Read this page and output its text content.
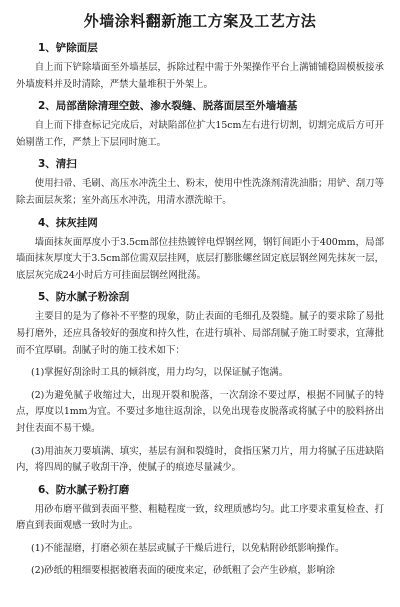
外墙涂料翻新施工方案及工艺方法
1、铲除面层
自上而下铲除墙面至外墙基层，拆除过程中需于外架操作平台上满铺铺稳固模板接承外墙废料并及时清除，严禁大量堆积于外架上。
2、局部凿除清理空鼓、渗水裂缝、脱落面层至外墙墙基
自上而下排查标记完成后，对缺陷部位扩大15cm左右进行切割，切割完成后方可开始剔凿工作，严禁上下层同时施工。
3、清扫
使用扫帚、毛刷、高压水冲洗尘土、粉末，使用中性洗涤剂清洗油脂；用铲、刮刀等除去面层灰浆；室外高压水冲洗，用清水漂洗晾干。
4、抹灰挂网
墙面抹灰面厚度小于3.5cm部位挂热镀锌电焊钢丝网，钢钉间距小于400mm，局部墙面抹灰厚度大于3.5cm部位需双层挂网，底层打膨胀螺丝固定底层钢丝网先抹灰一层，底层灰完成24小时后方可挂面层钢丝网批荡。
5、防水腻子粉涂刮
主要目的是为了修补不平整的现象，防止表面的毛细孔及裂缝。腻子的要求除了易批易打磨外，还应具备较好的强度和持久性，在进行填补、局部刮腻子施工时要求，宜薄批而不宜厚刷。刮腻子时的施工技术如下：
(1)掌握好刮涂时工具的倾斜度，用力均匀，以保证腻子饱满。
(2)为避免腻子收缩过大，出现开裂和脱落，一次刮涂不要过厚，根据不同腻子的特点，厚度以1mm为宜。不要过多地往返刮涂，以免出现卷皮脱落或将腻子中的胶料挤出封住表面不易干燥。
(3)用油灰刀要填满、填实，基层有洞和裂缝时，食指压紧刀片，用力将腻子压进缺陷内，将四周的腻子收刮干净，使腻子的痕迹尽量减少。
6、防水腻子粉打磨
用砂布磨平做到表面平整、粗糙程度一致，纹理质感均匀。此工序要求重复检查、打磨直到表面观感一致时为止。
(1)不能湿磨，打磨必须在基层或腻子干燥后进行，以免粘附砂纸影响操作。
(2)砂纸的粗细要根据被磨表面的硬度来定，砂纸粗了会产生砂痕，影响涂
